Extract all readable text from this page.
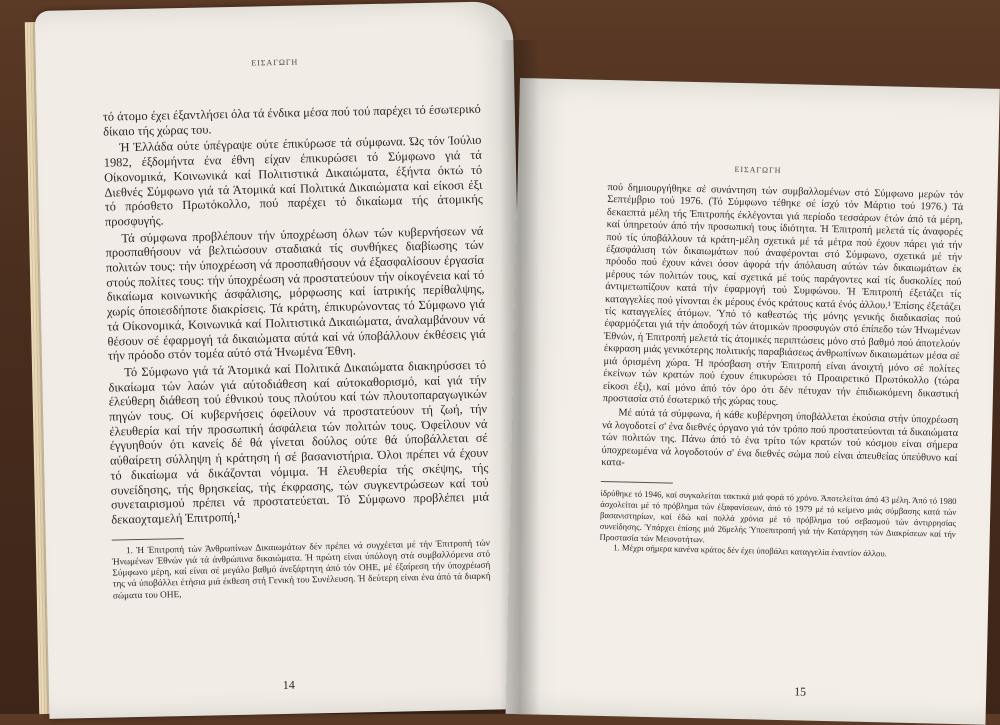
ΕΙΣΑΓΩΓΗ

τό άτομο έχει έξαντλήσει όλα τά ένδικα μέσα πού τού παρέχει τό έσωτερικό δίκαιο τής χώρας του.

Ή Έλλάδα ούτε ύπέγραψε ούτε έπικύρωσε τά σύμφωνα. Ώς τόν Ίούλιο 1982, έξδομήντα ένα έθνη είχαν έπικυρώσει τό Σύμφωνο γιά τά Οίκονομικά, Κοινωνικά καί Πολιτιστικά Δικαιώματα, έξήντα όκτώ τό Διεθνές Σύμφωνο γιά τά Άτομικά καί Πολιτικά Δικαιώματα καί είκοσι έξι τό πρόσθετο Πρωτόκολλο, πού παρέχει τό δικαίωμα τής άτομικής προσφυγής.

Τά σύμφωνα προβλέπουν τήν ύποχρέωση όλων τών κυβερνήσεων νά προσπαθήσουν νά βελτιώσουν σταδιακά τίς συνθήκες διαβίωσης τών πολιτών τους: τήν ύποχρέωση νά προσπαθήσουν νά έξασφαλίσουν έργασία στούς πολίτες τους: τήν ύποχρέωση νά προστατεύουν τήν οίκογένεια καί τό δικαίωμα κοινωνικής άσφάλισης, μόρφωσης καί ίατρικής περίθαλψης, χωρίς όποιεσδήποτε διακρίσεις. Τά κράτη, έπικυρώνοντας τό Σύμφωνο γιά τά Οίκονομικά, Κοινωνικά καί Πολιτιστικά Δικαιώματα, άναλαμβάνουν νά θέσουν σέ έφαρμογή τά δικαιώματα αύτά καί νά ύποβάλλουν έκθέσεις γιά τήν πρόοδο στόν τομέα αύτό στά Ήνωμένα Έθνη.

Τό Σύμφωνο γιά τά Άτομικά καί Πολιτικά Δικαιώματα διακηρύσσει τό δικαίωμα τών λαών γιά αύτοδιάθεση καί αύτοκαθορισμό, καί γιά τήν έλεύθερη διάθεση τού έθνικού τους πλούτου καί τών πλουτοπαραγωγικών πηγών τους. Οί κυβερνήσεις όφείλουν νά προστατεύουν τή ζωή, τήν έλευθερία καί τήν προσωπική άσφάλεια τών πολιτών τους. Όφείλουν νά έγγυηθούν ότι κανείς δέ θά γίνεται δούλος ούτε θά ύποβάλλεται σέ αύθαίρετη σύλληψη ή κράτηση ή σέ βασανιστήρια. Όλοι πρέπει νά έχουν τό δικαίωμα νά δικάζονται νόμιμα. Ή έλευθερία τής σκέψης, τής συνείδησης, τής θρησκείας, τής έκφρασης, τών συγκεντρώσεων καί τού συνεταιρισμού πρέπει νά προστατεύεται. Τό Σύμφωνο προβλέπει μιά δεκαοχταμελή Έπιτροπή,¹

1. Ή Έπιτροπή τών Άνθρωπίνων Δικαιωμάτων δέν πρέπει νά συγχέεται μέ τήν Έπιτροπή τών Ήνωμένων Έθνών γιά τά άνθρώπινα δικαιώματα. Ή πρώτη είναι ύπόλογη στά συμβαλλόμενα στό Σύμφωνο μέρη, καί είναι σέ μεγάλο βαθμό άνεξάρτητη άπό τόν ΟΗΕ, μέ έξαίρεση τήν ύποχρέωσή της νά ύποβάλλει έτήσια μιά έκθεση στή Γενική του Συνέλευση. Ή δεύτερη είναι ένα άπό τά διαρκή σώματα του ΟΗΕ,

14
ΕΙΣΑΓΩΓΗ

πού δημιουργήθηκε σέ συνάντηση τών συμβαλλομένων στό Σύμφωνο μερών τόν Σεπτέμβριο τού 1976. (Τό Σύμφωνο τέθηκε σέ ίσχύ τόν Μάρτιο τού 1976.) Τά δεκαεπτά μέλη τής Έπιτροπής έκλέγονται γιά περίοδο τεσσάρων έτών άπό τά μέρη, καί ύπηρετούν άπό τήν προσωπική τους ίδιότητα. Ή Έπιτροπή μελετά τίς άναφορές πού τίς ύποβάλλουν τά κράτη-μέλη σχετικά μέ τά μέτρα πού έχουν πάρει γιά τήν έξασφάλιση τών δικαιωμάτων πού άναφέρονται στό Σύμφωνο, σχετικά μέ τήν πρόοδο πού έχουν κάνει όσον άφορά τήν άπόλαυση αύτών τών δικαιωμάτων έκ μέρους τών πολιτών τους, καί σχετικά μέ τούς παράγοντες καί τίς δυσκολίες πού άντιμετωπίζουν κατά τήν έφαρμογή τού Συμφώνου. Ή Έπιτροπή έξετάζει τίς καταγγελίες πού γίνονται έκ μέρους ένός κράτους κατά ένός άλλου.¹ Έπίσης έξετάζει τίς καταγγελίες άτόμων. Ύπό τό καθεστώς τής μόνης γενικής διαδικασίας πού έφαρμόζεται γιά τήν άποδοχή τών άτομικών προσφυγών στό έπίπεδο τών Ήνωμένων Έθνών, ή Έπιτροπή μελετά τίς άτομικές περιπτώσεις μόνο στό βαθμό πού άποτελούν έκφραση μιάς γενικότερης πολιτικής παραβιάσεως άνθρωπίνων δικαιωμάτων μέσα σέ μιά όρισμένη χώρα. Ή πρόσβαση στήν Έπιτροπή είναι άνοιχτή μόνο σέ πολίτες έκείνων τών κρατών πού έχουν έπικυρώσει τό Προαιρετικό Πρωτόκολλο (τώρα είκοσι έξι), καί μόνο άπό τόν όρο ότι δέν πέτυχαν τήν έπιδιωκόμενη δικαστική προστασία στό έσωτερικό τής χώρας τους.

Μέ αύτά τά σύμφωνα, ή κάθε κυβέρνηση ύποβάλλεται έκούσια στήν ύποχρέωση νά λογοδοτεί σ' ένα διεθνές όργανο γιά τόν τρόπο πού προστατεύονται τά δικαιώματα τών πολιτών της. Πάνω άπό τό ένα τρίτο τών κρατών τού κόσμου είναι σήμερα ύποχρεωμένα νά λογοδοτούν σ' ένα διεθνές σώμα πού είναι άπευθείας ύπεύθυνο καί κατα-

ίδρύθηκε τό 1946, καί συγκαλείται τακτικά μιά φορά τό χρόνο. Άποτελείται άπό 43 μέλη. Άπό τό 1980 άσχολείται μέ τό πρόβλημα τών έξαφανίσεων, άπό τό 1979 μέ τό κείμενο μιάς σύμβασης κατά τών βασανιστηρίων, καί έδώ καί πολλά χρόνια μέ τό πρόβλημα τού σεβασμού τών άντιρρησίας συνείδησης. Ύπάρχει έπίσης μιά 26μελής Ύποεπιτροπή γιά τήν Κατάργηση τών Διακρίσεων καί τήν Προστασία τών Μειονοτήτων.

1. Μέχρι σήμερα κανένα κράτος δέν έχει ύποβάλει καταγγελία έναντίον άλλου.

15
